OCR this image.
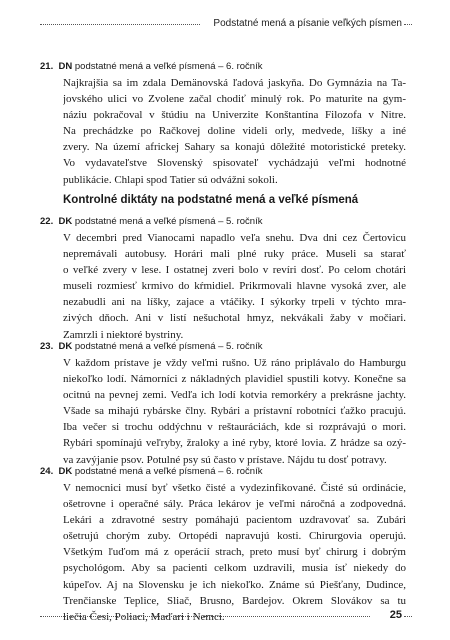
Podstatné mená a písanie veľkých písmen
21. DN podstatné mená a veľké písmená – 6. ročník
Najkrajšia sa im zdala Demänovská ľadová jaskyňa. Do Gymnázia na Ta-
jovského ulici vo Zvolene začal chodiť minulý rok. Po maturite na gym-
náziu pokračoval v štúdiu na Univerzite Konštantína Filozofa v Nitre.
Na prechádzke po Račkovej doline videli orly, medvede, líšky a iné
zvery. Na území africkej Sahary sa konajú dôležité motoristické preteky.
Vo vydavateľstve Slovenský spisovateľ vychádzajú veľmi hodnotné
publikácie. Chlapi spod Tatier sú odvážni sokoli.
Kontrolné diktáty na podstatné mená a veľké písmená
22. DK podstatné mená a veľké písmená – 5. ročník
V decembri pred Vianocami napadlo veľa snehu. Dva dni cez Čertovicu
nepremávali autobusy. Horári mali plné ruky práce. Museli sa starať
o veľké zvery v lese. I ostatnej zveri bolo v revíri dosť. Po celom chotári
museli rozmiesť krmivo do kŕmidiel. Prikrmovali hlavne vysoká zver, ale
nezabudli ani na líšky, zajace a vtáčiky. I sýkorky trpeli v týchto mra-
zivých dňoch. Ani v listí nešuchotal hmyz, nekvákali žaby v močiari.
Zamrzli i niektoré bystriny.
23. DK podstatné mená a veľké písmená – 5. ročník
V každom prístave je vždy veľmi rušno. Už ráno priplávalo do Hamburgu
niekoľko lodí. Námorníci z nákladných plavidiel spustili kotvy. Konečne sa
ocitnú na pevnej zemi. Vedľa ich lodí kotvia remorkéry a prekrásne jachty.
Všade sa mihajú rybárske člny. Rybári a prístavní robotníci ťažko pracujú.
Iba večer si trochu oddýchnu v reštauráciách, kde si rozprávajú o mori.
Rybári spomínajú veľryby, žraloky a iné ryby, ktoré lovia. Z hrádze sa ozý-
va zavýjanie psov. Potulné psy sú často v prístave. Nájdu tu dosť potravy.
24. DK podstatné mená a veľké písmená – 6. ročník
V nemocnici musí byť všetko čisté a vydezinfikované. Čisté sú ordinácie,
ošetrovne i operačné sály. Práca lekárov je veľmi náročná a zodpovedná.
Lekári a zdravotné sestry pomáhajú pacientom uzdravovať sa. Zubári
ošetrujú chorým zuby. Ortopédi napravujú kosti. Chirurgovia operujú.
Všetkým ľuďom má z operácií strach, preto musí byť chirurg i dobrým
psychológom. Aby sa pacienti celkom uzdravili, musia ísť niekedy do
kúpeľov. Aj na Slovensku je ich niekoľko. Známe sú Piešťany, Dudince,
Trenčianske Teplice, Sliač, Brusno, Bardejov. Okrem Slovákov sa tu
liečia Česi, Poliaci, Maďari i Nemci.	25
